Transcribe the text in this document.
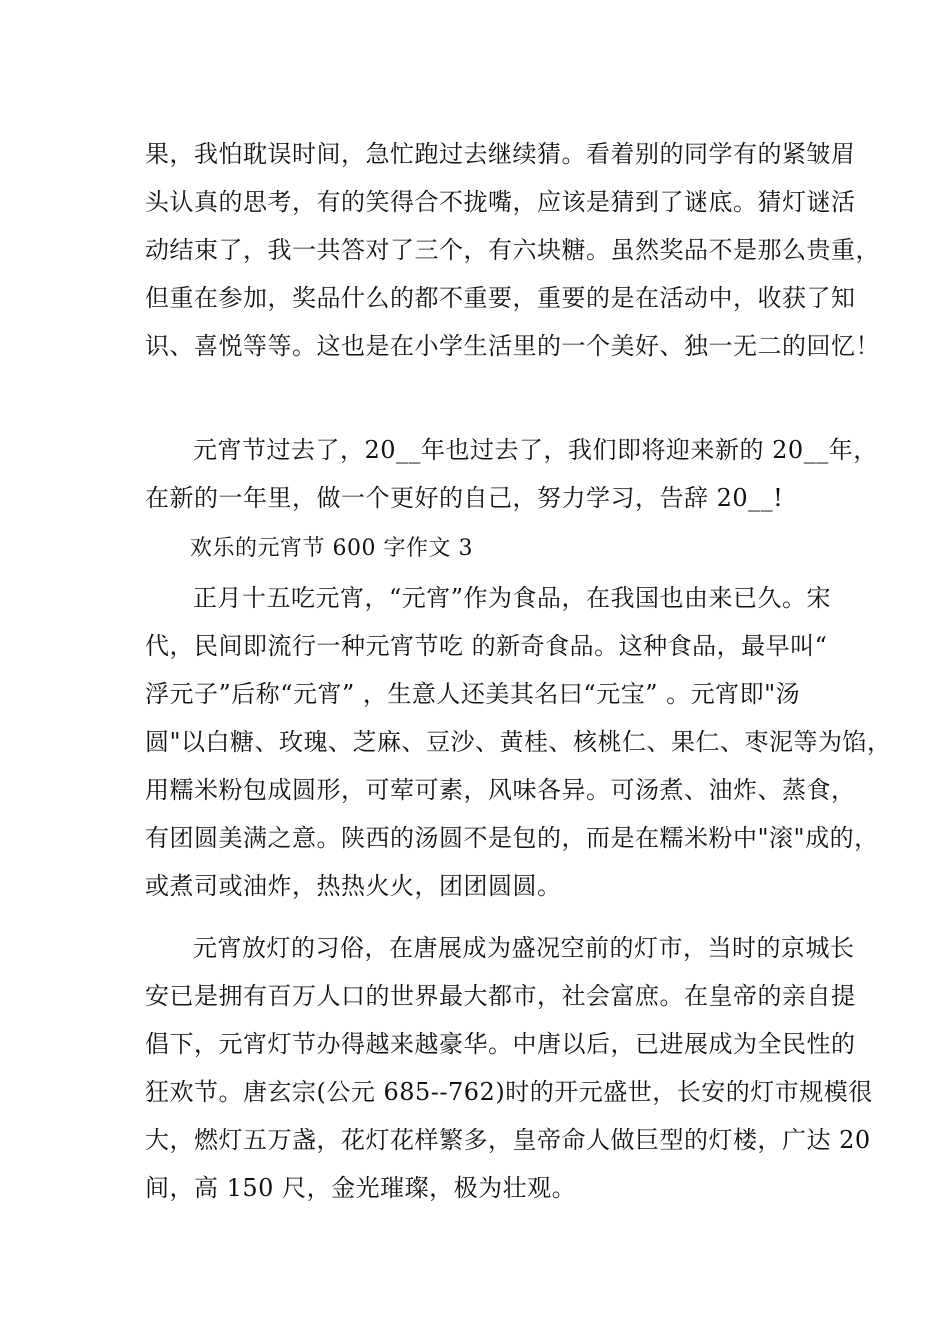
果，我怕耽误时间，急忙跑过去继续猜。看着别的同学有的紧皱眉
头认真的思考，有的笑得合不拢嘴，应该是猜到了谜底。猜灯谜活
动结束了，我一共答对了三个，有六块糖。虽然奖品不是那么贵重，
但重在参加，奖品什么的都不重要，重要的是在活动中，收获了知
识、喜悦等等。这也是在小学生活里的一个美好、独一无二的回忆！
元宵节过去了，20__年也过去了，我们即将迎来新的 20__年，
在新的一年里，做一个更好的自己，努力学习，告辞 20__!
欢乐的元宵节 600 字作文 3
正月十五吃元宵，“元宵”作为食品，在我国也由来已久。宋
代，民间即流行一种元宵节吃 的新奇食品。这种食品，最早叫“
浮元子”后称“元宵” ，生意人还美其名曰“元宝” 。元宵即"汤
圆"以白糖、玫瑰、芝麻、豆沙、黄桂、核桃仁、果仁、枣泥等为馅，
用糯米粉包成圆形，可荤可素，风味各异。可汤煮、油炸、蒸食，
有团圆美满之意。陕西的汤圆不是包的，而是在糯米粉中"滚"成的，
或煮司或油炸，热热火火，团团圆圆。
元宵放灯的习俗，在唐展成为盛况空前的灯市，当时的京城长
安已是拥有百万人口的世界最大都市，社会富庶。在皇帝的亲自提
倡下，元宵灯节办得越来越豪华。中唐以后，已进展成为全民性的
狂欢节。唐玄宗(公元 685--762)时的开元盛世，长安的灯市规模很
大，燃灯五万盏，花灯花样繁多，皇帝命人做巨型的灯楼，广达 20
间，高 150 尺，金光璀璨，极为壮观。
